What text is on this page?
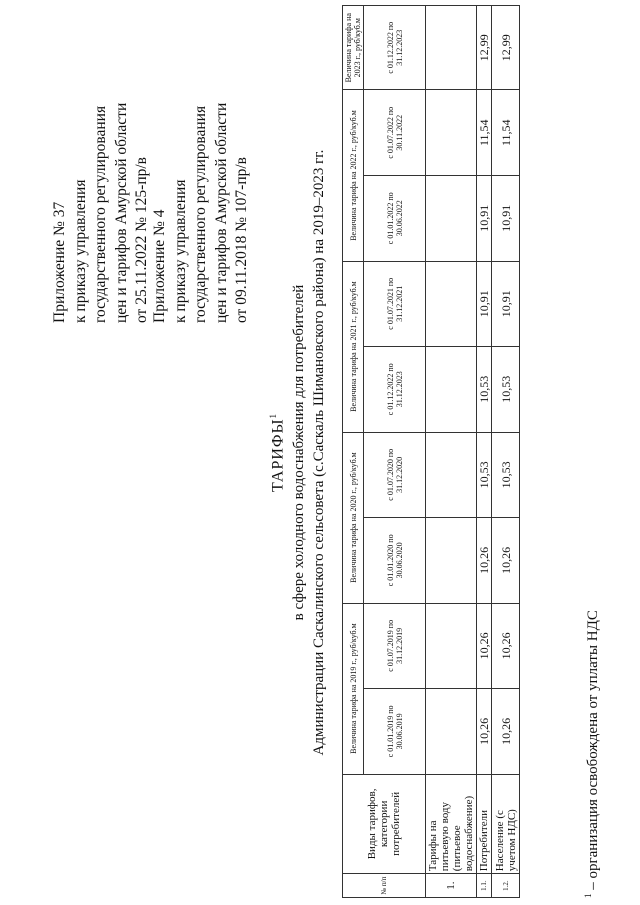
Приложение № 37 к приказу управления государственного регулирования цен и тарифов Амурской области от 25.11.2022 № 125-пр/в Приложение № 4 к приказу управления государственного регулирования цен и тарифов Амурской области от 09.11.2018 № 107-пр/в
ТАРИФЫ$^1$ в сфере холодного водоснабжения для потребителей Администрации Саскалинского сельсовета (с.Саскаль Шимановского района) на 2019–2023 гг.
№ п/п	Виды тарифов, категории потребителей	Величина тарифа на 2019 г., руб/куб.м		Величина тарифа на 2020 г., руб/куб.м		Величина тарифа на 2021 г., руб/куб.м		Величина тарифа на 2022 г., руб/куб.м		Величина тарифа на 2023 г., руб/куб.м
		с 01.01.2019 по 30.06.2019	с 01.07.2019 по 31.12.2019	с 01.01.2020 по 30.06.2020	с 01.07.2020 по 31.12.2020	с 01.12.2022 по 31.12.2023	с 01.07.2021 по 31.12.2021	с 01.01.2022 по 30.06.2022	с 01.07.2022 по 30.11.2022	с 01.12.2022 по 31.12.2023
1.	Тарифы на питьевую воду (питьевое водоснабжение)									
1.1.	Потребители	10,26	10,26	10,26	10,53	10,53	10,91	10,91	11,54	12,99
1.2.	Население (с учетом НДС)	10,26	10,26	10,26	10,53	10,53	10,91	10,91	11,54	12,99
$^1$ – организация освобождена от уплаты НДС
